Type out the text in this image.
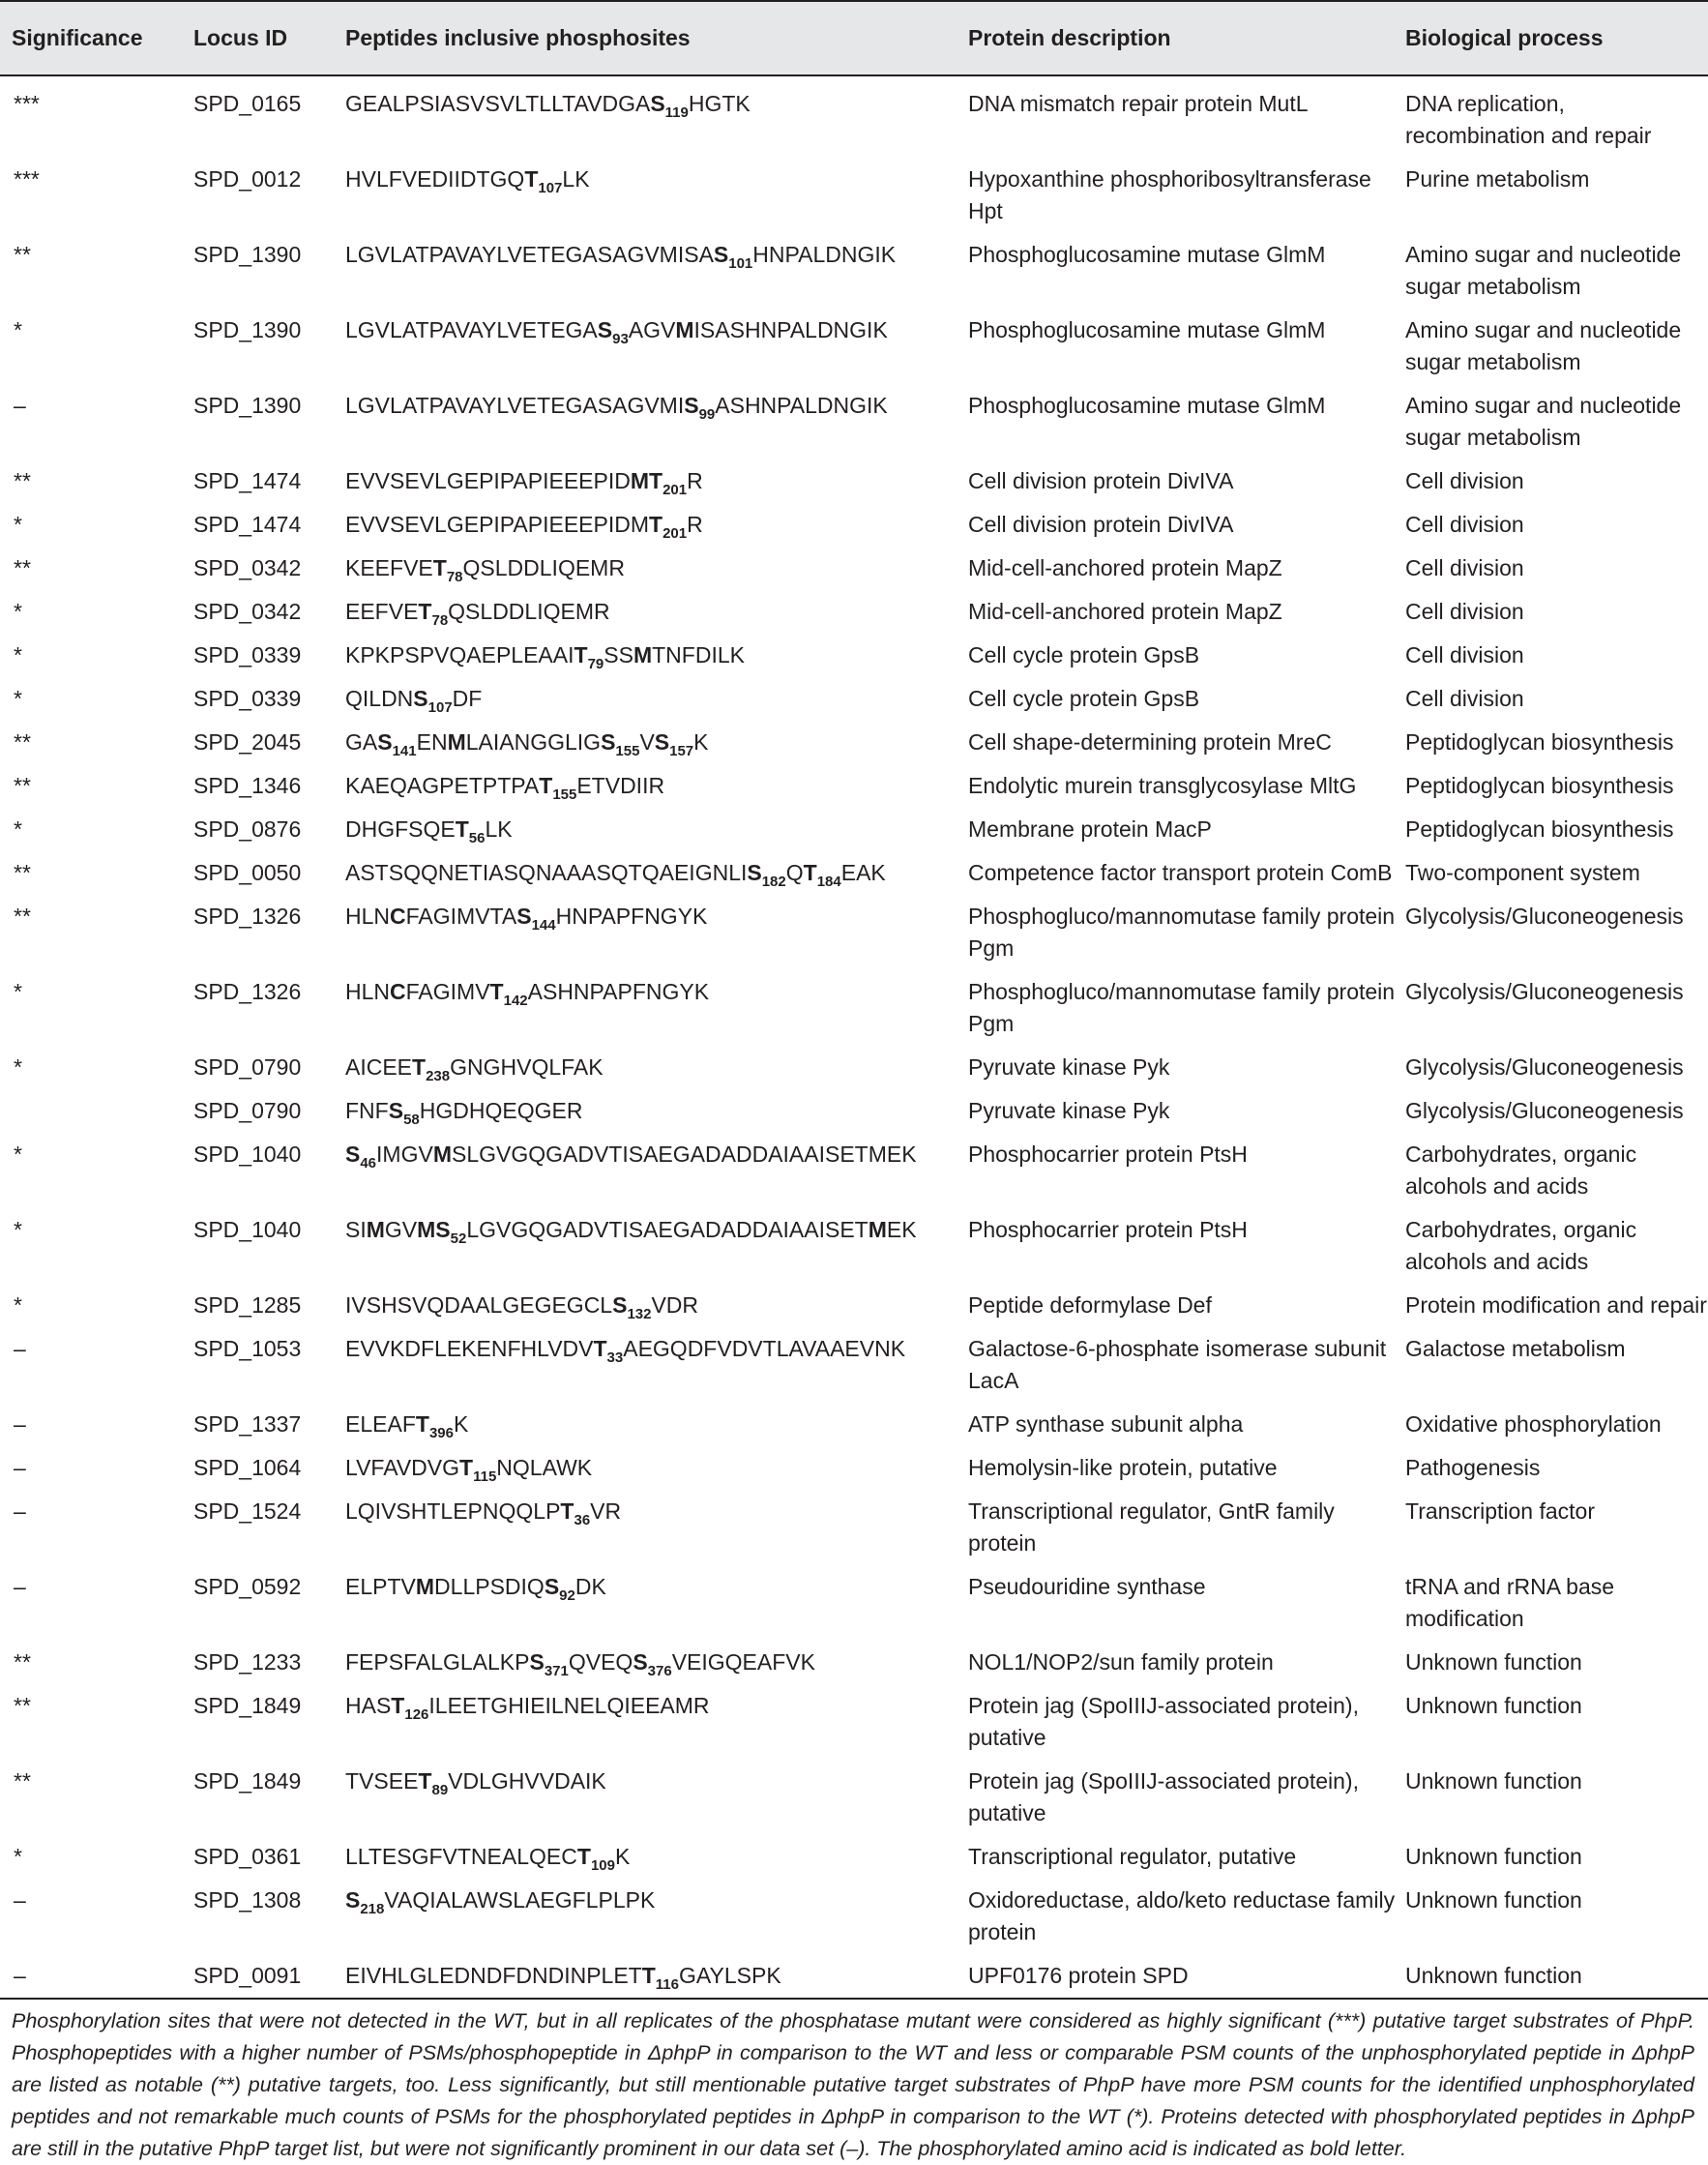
Significance	Locus ID	Peptides inclusive phosphosites	Protein description	Biological process
***	SPD_0165	$GEALPSIASVSVLTLLTAVDGAS_{119}HGTK$	DNA mismatch repair protein MutL	DNA replication, recombination and repair
***	SPD_0012	$HVLFVEDIIDTGQT_{107}LK$	Hypoxanthine phosphoribosyltransferase Hpt	Purine metabolism
**	SPD_1390	$LGVLATPAVAYLVETEGASAGVMISAS_{101}HNPALDNGIK$	Phosphoglucosamine mutase GlmM	Amino sugar and nucleotide sugar metabolism
*	SPD_1390	$LGVLATPAVAYLVETEGAS_{93}AGVMISASHNPALDNGIK$	Phosphoglucosamine mutase GlmM	Amino sugar and nucleotide sugar metabolism
–	SPD_1390	$LGVLATPAVAYLVETEGASAGVMIS_{99}ASHNPALDNGIK$	Phosphoglucosamine mutase GlmM	Amino sugar and nucleotide sugar metabolism
**	SPD_1474	$EVVSEVLGEPIPAPIEEEPIDMT_{201}R$	Cell division protein DivIVA	Cell division
*	SPD_1474	$EVVSEVLGEPIPAPIEEEPIDMT_{201}R$	Cell division protein DivIVA	Cell division
**	SPD_0342	$KEEFVET_{78}QSLDDLIQEMR$	Mid-cell-anchored protein MapZ	Cell division
*	SPD_0342	$EEFVET_{78}QSLDDLIQEMR$	Mid-cell-anchored protein MapZ	Cell division
*	SPD_0339	$KPKPSPVQAEPLEAAIT_{79}SSMTNFDILK$	Cell cycle protein GpsB	Cell division
*	SPD_0339	$QILDNS_{107}DF$	Cell cycle protein GpsB	Cell division
**	SPD_2045	$GAS_{141}ENMLAIANGGLIGS_{155}VS_{157}K$	Cell shape-determining protein MreC	Peptidoglycan biosynthesis
**	SPD_1346	$KAEQAGPETPTPAT_{155}ETVDIIR$	Endolytic murein transglycosylase MltG	Peptidoglycan biosynthesis
*	SPD_0876	$DHGFSQET_{56}LK$	Membrane protein MacP	Peptidoglycan biosynthesis
**	SPD_0050	$ASTSQQNETIASQNAAASQTQAEIGNLIS_{182}QT_{184}EAK$	Competence factor transport protein ComB	Two-component system
**	SPD_1326	$HLNCFAGIMVTAS_{144}HNPAPFNGYK$	Phosphogluco/mannomutase family protein Pgm	Glycolysis/Gluconeogenesis
*	SPD_1326	$HLNCFAGIMVT_{142}ASHNPAPFNGYK$	Phosphogluco/mannomutase family protein Pgm	Glycolysis/Gluconeogenesis
*	SPD_0790	$AICEET_{238}GNGHVQLFAK$	Pyruvate kinase Pyk	Glycolysis/Gluconeogenesis
	SPD_0790	$FNFS_{58}HGDHQEQGER$	Pyruvate kinase Pyk	Glycolysis/Gluconeogenesis
*	SPD_1040	$S_{46}IMGVMSLGVGQGADVTISAEGADADDAIAAISETMEK$	Phosphocarrier protein PtsH	Carbohydrates, organic alcohols and acids
*	SPD_1040	$SIMGVMS_{52}LGVGQGADVTISAEGADADDAIAAISETMEK$	Phosphocarrier protein PtsH	Carbohydrates, organic alcohols and acids
*	SPD_1285	$IVSHSVQDAALGEGEGCLS_{132}VDR$	Peptide deformylase Def	Protein modification and repair
–	SPD_1053	$EVVKDFLEKENFHLVDVT_{33}AEGQDFVDVTLAVAAEVNK$	Galactose-6-phosphate isomerase subunit LacA	Galactose metabolism
–	SPD_1337	$ELEAFT_{396}K$	ATP synthase subunit alpha	Oxidative phosphorylation
–	SPD_1064	$LVFAVDVGT_{115}NQLAWK$	Hemolysin-like protein, putative	Pathogenesis
–	SPD_1524	$LQIVSHTLEPNQQLPT_{36}VR$	Transcriptional regulator, GntR family protein	Transcription factor
–	SPD_0592	$ELPTVMDLLPSDIQS_{92}DK$	Pseudouridine synthase	tRNA and rRNA base modification
**	SPD_1233	$FEPSFALGLALKPS_{371}QVEQS_{376}VEIGQEAFVK$	NOL1/NOP2/sun family protein	Unknown function
**	SPD_1849	$HAST_{126}ILEETGHIEILNELQIEEAMR$	Protein jag (SpoIIIJ-associated protein), putative	Unknown function
**	SPD_1849	$TVSEET_{89}VDLGHVVDAIK$	Protein jag (SpoIIIJ-associated protein), putative	Unknown function
*	SPD_0361	$LLTESGFVTNEALQECT_{109}K$	Transcriptional regulator, putative	Unknown function
–	SPD_1308	$S_{218}VAQIALAWSLAEGFLPLPK$	Oxidoreductase, aldo/keto reductase family protein	Unknown function
–	SPD_0091	$EIVHLGLEDNDFDNDINPLETT_{116}GAYLSPK$	UPF0176 protein SPD	Unknown function

Phosphorylation sites that were not detected in the WT, but in all replicates of the phosphatase mutant were considered as highly significant (***) putative target substrates of PhpP. Phosphopeptides with a higher number of PSMs/phosphopeptide in ΔphpP in comparison to the WT and less or comparable PSM counts of the unphosphorylated peptide in ΔphpP are listed as notable (**) putative targets, too. Less significantly, but still mentionable putative target substrates of PhpP have more PSM counts for the identified unphosphorylated peptides and not remarkable much counts of PSMs for the phosphorylated peptides in ΔphpP in comparison to the WT (*). Proteins detected with phosphorylated peptides in ΔphpP are still in the putative PhpP target list, but were not significantly prominent in our data set (–). The phosphorylated amino acid is indicated as bold letter.
